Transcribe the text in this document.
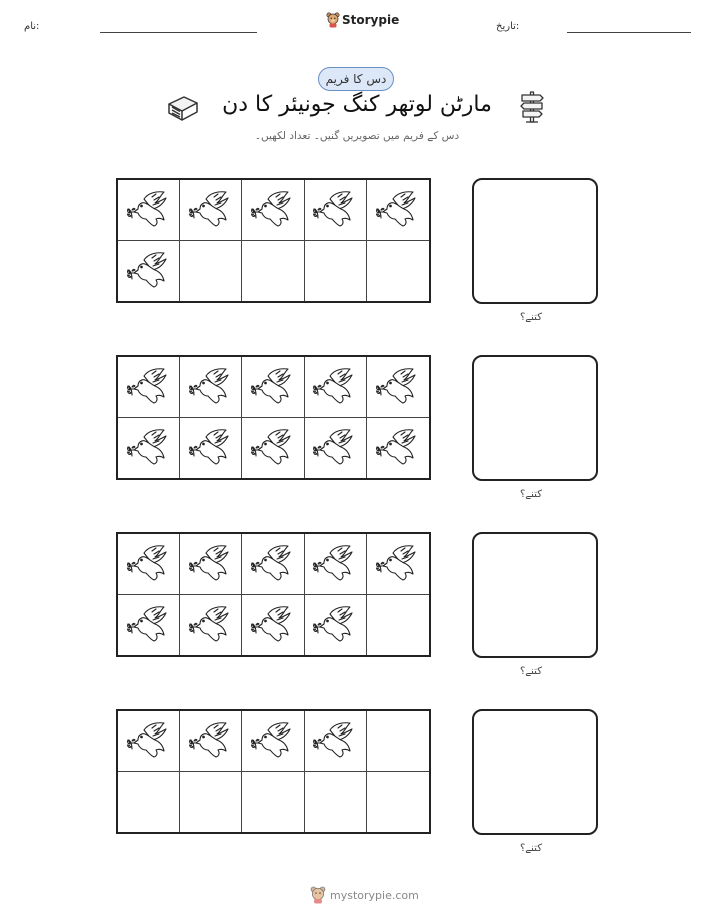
نام:	Storypie	تاریخ:
دس کا فریم
مارٹن لوتھر کنگ جونیئر کا دن
دس کے فریم میں تصویریں گنیں۔ تعداد لکھیں۔
کتنے؟
کتنے؟
کتنے؟
کتنے؟
mystorypie.com
